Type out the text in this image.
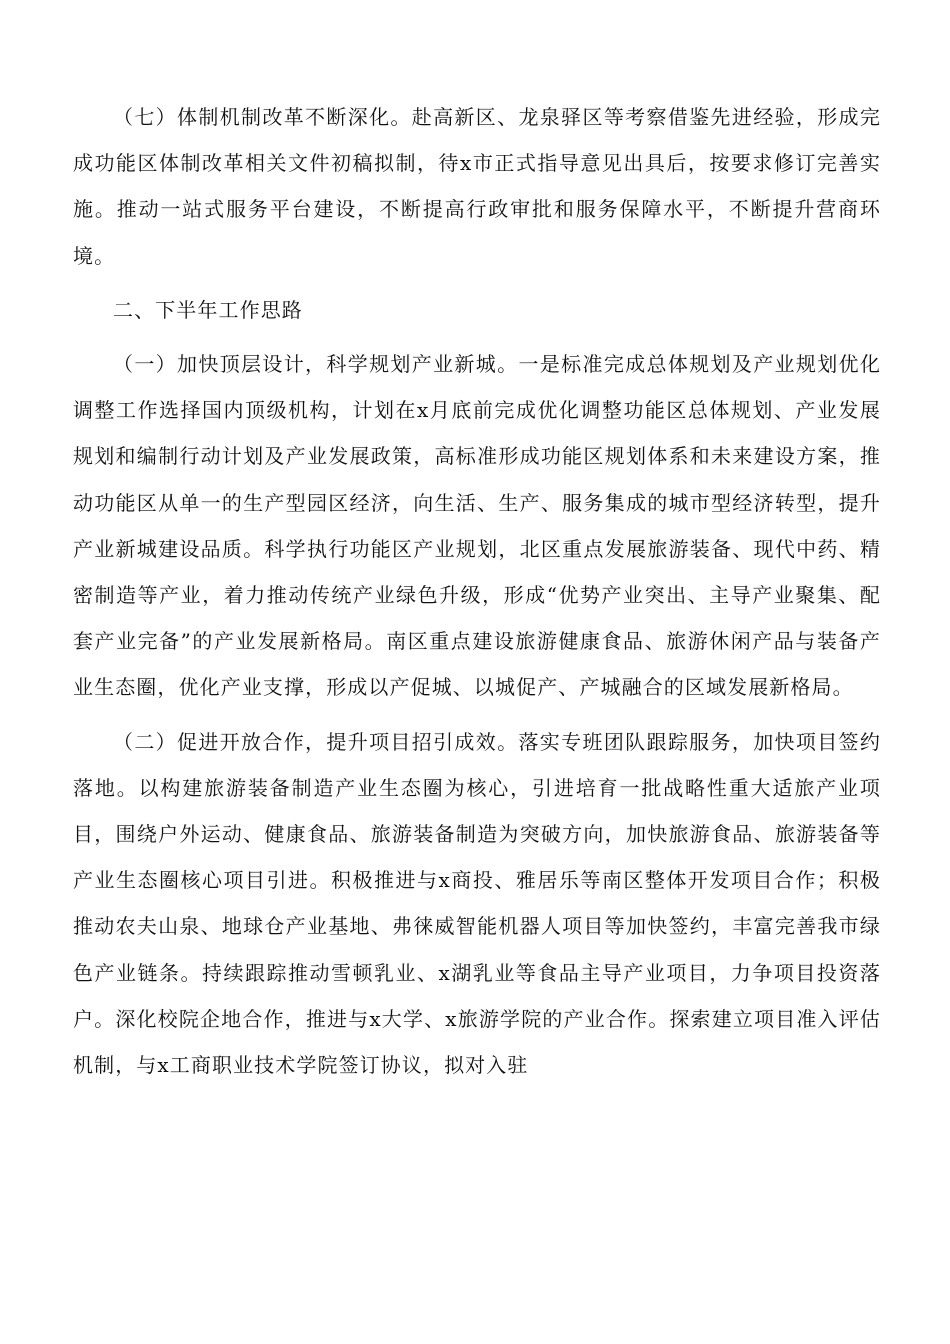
（七）体制机制改革不断深化。赴高新区、龙泉驿区等考察借鉴先进经验，形成完成功能区体制改革相关文件初稿拟制，待x市正式指导意见出具后，按要求修订完善实施。推动一站式服务平台建设，不断提高行政审批和服务保障水平，不断提升营商环境。

二、下半年工作思路

（一）加快顶层设计，科学规划产业新城。一是标准完成总体规划及产业规划优化调整工作选择国内顶级机构，计划在x月底前完成优化调整功能区总体规划、产业发展规划和编制行动计划及产业发展政策，高标准形成功能区规划体系和未来建设方案，推动功能区从单一的生产型园区经济，向生活、生产、服务集成的城市型经济转型，提升产业新城建设品质。科学执行功能区产业规划，北区重点发展旅游装备、现代中药、精密制造等产业，着力推动传统产业绿色升级，形成“优势产业突出、主导产业聚集、配套产业完备”的产业发展新格局。南区重点建设旅游健康食品、旅游休闲产品与装备产业生态圈，优化产业支撑，形成以产促城、以城促产、产城融合的区域发展新格局。

（二）促进开放合作，提升项目招引成效。落实专班团队跟踪服务，加快项目签约落地。以构建旅游装备制造产业生态圈为核心，引进培育一批战略性重大适旅产业项目，围绕户外运动、健康食品、旅游装备制造为突破方向，加快旅游食品、旅游装备等产业生态圈核心项目引进。积极推进与x商投、雅居乐等南区整体开发项目合作；积极推动农夫山泉、地球仓产业基地、弗徕威智能机器人项目等加快签约，丰富完善我市绿色产业链条。持续跟踪推动雪顿乳业、x湖乳业等食品主导产业项目，力争项目投资落户。深化校院企地合作，推进与x大学、x旅游学院的产业合作。探索建立项目准入评估机制，与x工商职业技术学院签订协议，拟对入驻
